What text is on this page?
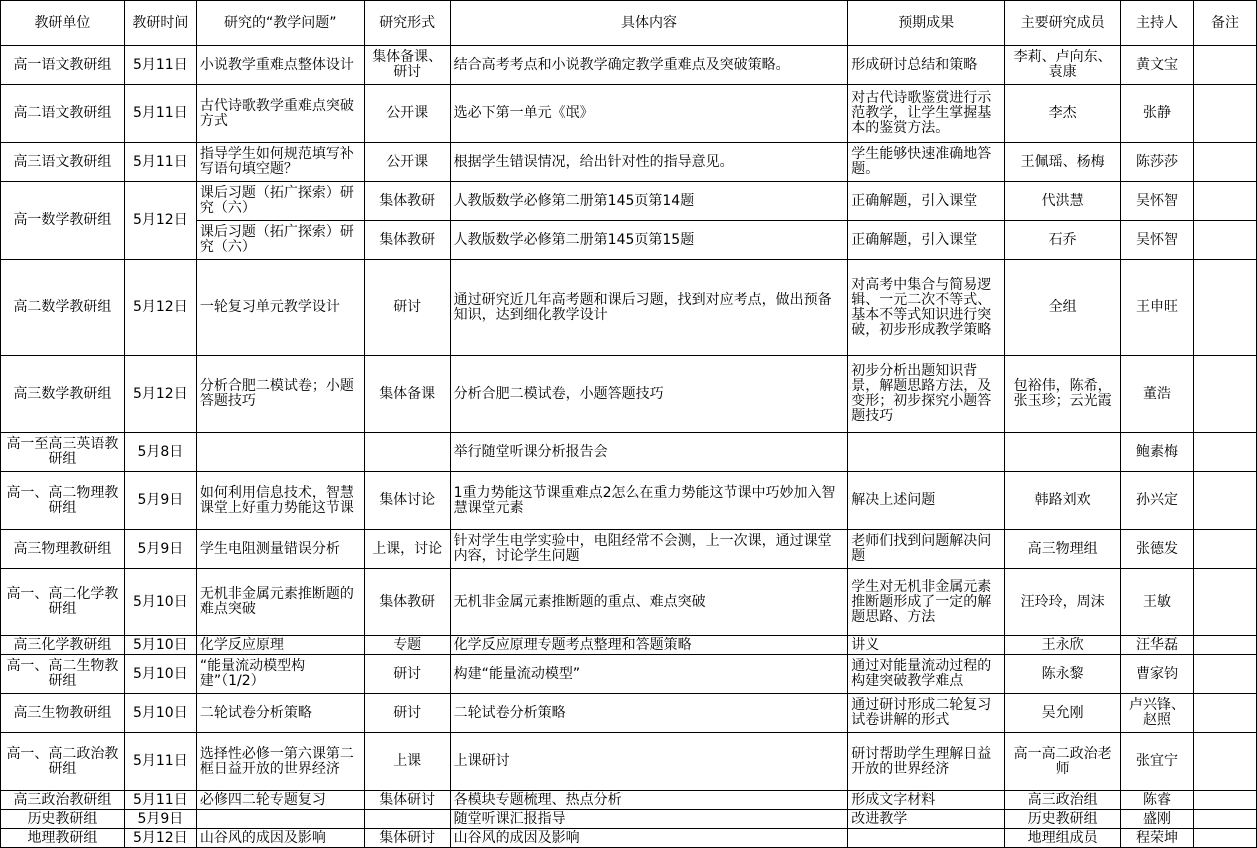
教研单位	教研时间	研究的“教学问题”	研究形式	具体内容	预期成果	主要研究成员	主持人	备注
高一语文教研组	5月11日	小说教学重难点整体设计	集体备课、研讨	结合高考考点和小说教学确定教学重难点及突破策略。	形成研讨总结和策略	李莉、卢向东、袁康	黄文宝	
高二语文教研组	5月11日	古代诗歌教学重难点突破方式	公开课	选必下第一单元《氓》	对古代诗歌鉴赏进行示范教学，让学生掌握基本的鉴赏方法。	李杰	张静	
高三语文教研组	5月11日	指导学生如何规范填写补写语句填空题？	公开课	根据学生错误情况，给出针对性的指导意见。	学生能够快速准确地答题。	王佩瑶、杨梅	陈莎莎	
高一数学教研组	5月12日	课后习题（拓广探索）研究（六）	集体教研	人教版数学必修第二册第145页第14题	正确解题，引入课堂	代洪慧	吴怀智	
		课后习题（拓广探索）研究（六）	集体教研	人教版数学必修第二册第145页第15题	正确解题，引入课堂	石乔	吴怀智	
高二数学教研组	5月12日	一轮复习单元教学设计	研讨	通过研究近几年高考题和课后习题，找到对应考点，做出预备知识，达到细化教学设计	对高考中集合与简易逻辑、一元二次不等式、基本不等式知识进行突破，初步形成教学策略	全组	王申旺	
高三数学教研组	5月12日	分析合肥二模试卷；小题答题技巧	集体备课	分析合肥二模试卷，小题答题技巧	初步分析出题知识背景，解题思路方法，及变形；初步探究小题答题技巧	包裕伟，陈希，张玉珍；云光霞	董浩	
高一至高三英语教研组	5月8日			举行随堂听课分析报告会			鲍素梅	
高一、高二物理教研组	5月9日	如何利用信息技术，智慧课堂上好重力势能这节课	集体讨论	1重力势能这节课重难点2怎么在重力势能这节课中巧妙加入智慧课堂元素	解决上述问题	韩路刘欢	孙兴定	
高三物理教研组	5月9日	学生电阻测量错误分析	上课，讨论	针对学生电学实验中，电阻经常不会测，上一次课，通过课堂内容，讨论学生问题	老师们找到问题解决问题	高三物理组	张德发	
高一、高二化学教研组	5月10日	无机非金属元素推断题的难点突破	集体教研	无机非金属元素推断题的重点、难点突破	学生对无机非金属元素推断题形成了一定的解题思路、方法	汪玲玲，周沫	王敏	
高三化学教研组	5月10日	化学反应原理	专题	化学反应原理专题考点整理和答题策略	讲义	王永欣	汪华磊	
高一、高二生物教研组	5月10日	“能量流动模型构建”（1/2）	研讨	构建“能量流动模型”	通过对能量流动过程的构建突破教学难点	陈永黎	曹家钧	
高三生物教研组	5月10日	二轮试卷分析策略	研讨	二轮试卷分析策略	通过研讨形成二轮复习试卷讲解的形式	吴允刚	卢兴锋、赵照	
高一、高二政治教研组	5月11日	选择性必修一第六课第二框日益开放的世界经济	上课	上课研讨	研讨帮助学生理解日益开放的世界经济	高一高二政治老师	张宜宁	
高三政治教研组	5月11日	必修四二轮专题复习	集体研讨	各模块专题梳理、热点分析	形成文字材料	高三政治组	陈睿	
历史教研组	5月9日			随堂听课汇报指导	改进教学	历史教研组	盛刚	
地理教研组	5月12日	山谷风的成因及影响	集体研讨	山谷风的成因及影响		地理组成员	程荣坤	
